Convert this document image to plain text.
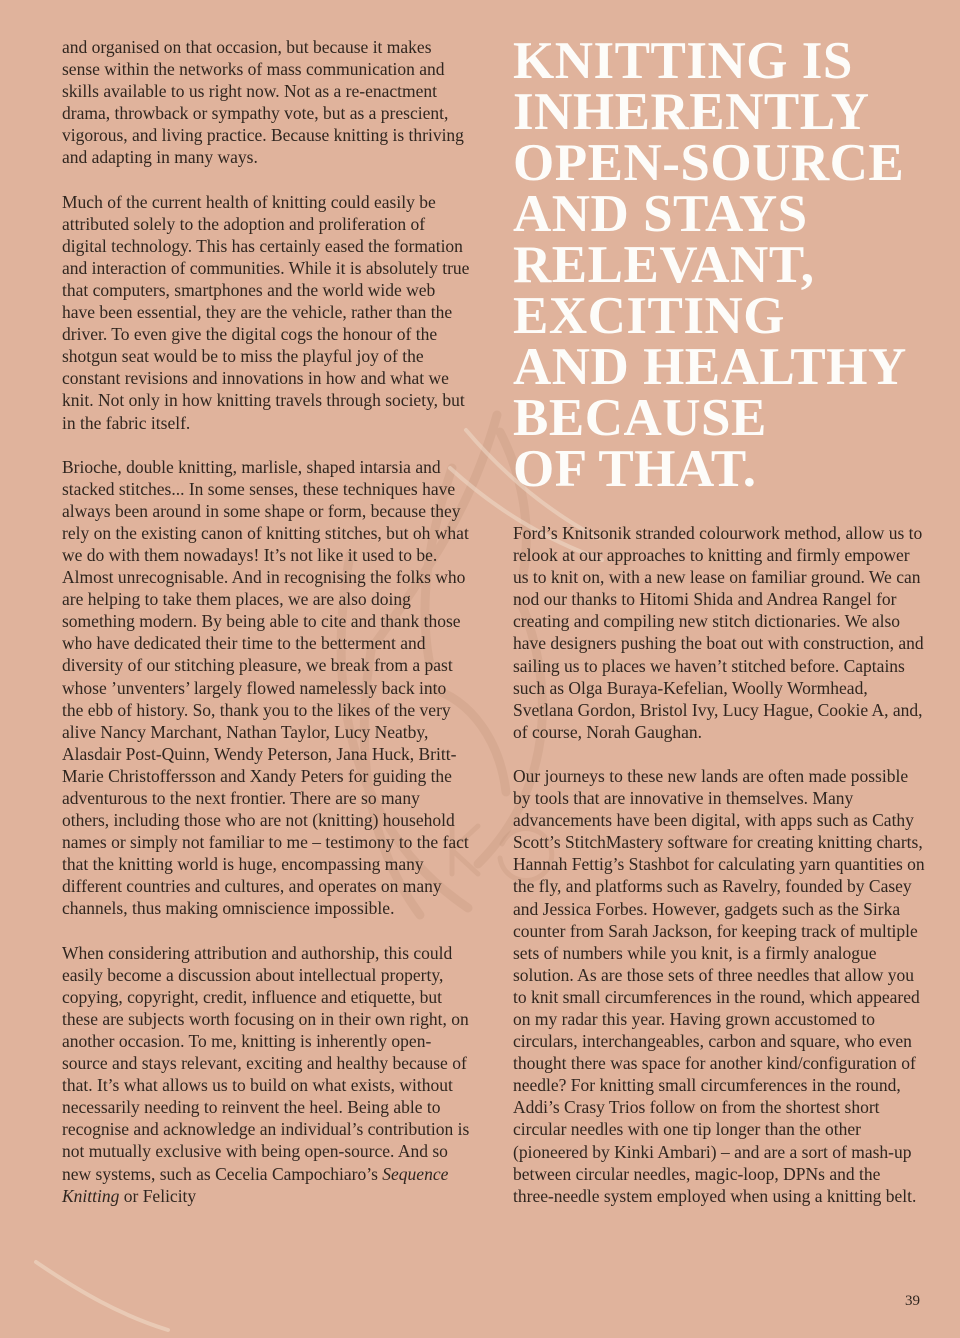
and organised on that occasion, but because it makes sense within the networks of mass communication and skills available to us right now. Not as a re-enactment drama, throwback or sympathy vote, but as a prescient, vigorous, and living practice. Because knitting is thriving and adapting in many ways.

Much of the current health of knitting could easily be attributed solely to the adoption and proliferation of digital technology. This has certainly eased the formation and interaction of communities. While it is absolutely true that computers, smartphones and the world wide web have been essential, they are the vehicle, rather than the driver. To even give the digital cogs the honour of the shotgun seat would be to miss the playful joy of the constant revisions and innovations in how and what we knit. Not only in how knitting travels through society, but in the fabric itself.

Brioche, double knitting, marlisle, shaped intarsia and stacked stitches... In some senses, these techniques have always been around in some shape or form, because they rely on the existing canon of knitting stitches, but oh what we do with them nowadays! It’s not like it used to be. Almost unrecognisable. And in recognising the folks who are helping to take them places, we are also doing something modern. By being able to cite and thank those who have dedicated their time to the betterment and diversity of our stitching pleasure, we break from a past whose ’unventers’ largely flowed namelessly back into the ebb of history. So, thank you to the likes of the very alive Nancy Marchant, Nathan Taylor, Lucy Neatby, Alasdair Post-Quinn, Wendy Peterson, Jana Huck, Britt-Marie Christoffersson and Xandy Peters for guiding the adventurous to the next frontier. There are so many others, including those who are not (knitting) household names or simply not familiar to me – testimony to the fact that the knitting world is huge, encompassing many different countries and cultures, and operates on many channels, thus making omniscience impossible.

When considering attribution and authorship, this could easily become a discussion about intellectual property, copying, copyright, credit, influence and etiquette, but these are subjects worth focusing on in their own right, on another occasion. To me, knitting is inherently open-source and stays relevant, exciting and healthy because of that. It’s what allows us to build on what exists, without necessarily needing to reinvent the heel. Being able to recognise and acknowledge an individual’s contribution is not mutually exclusive with being open-source. And so new systems, such as Cecelia Campochiaro’s Sequence Knitting or Felicity

KNITTING IS
INHERENTLY
OPEN-SOURCE
AND STAYS
RELEVANT,
EXCITING
AND HEALTHY
BECAUSE
OF THAT.

Ford’s Knitsonik stranded colourwork method, allow us to relook at our approaches to knitting and firmly empower us to knit on, with a new lease on familiar ground. We can nod our thanks to Hitomi Shida and Andrea Rangel for creating and compiling new stitch dictionaries. We also have designers pushing the boat out with construction, and sailing us to places we haven’t stitched before. Captains such as Olga Buraya-Kefelian, Woolly Wormhead, Svetlana Gordon, Bristol Ivy, Lucy Hague, Cookie A, and, of course, Norah Gaughan.

Our journeys to these new lands are often made possible by tools that are innovative in themselves. Many advancements have been digital, with apps such as Cathy Scott’s StitchMastery software for creating knitting charts, Hannah Fettig’s Stashbot for calculating yarn quantities on the fly, and platforms such as Ravelry, founded by Casey and Jessica Forbes. However, gadgets such as the Sirka counter from Sarah Jackson, for keeping track of multiple sets of numbers while you knit, is a firmly analogue solution. As are those sets of three needles that allow you to knit small circumferences in the round, which appeared on my radar this year. Having grown accustomed to circulars, interchangeables, carbon and square, who even thought there was space for another kind/configuration of needle? For knitting small circumferences in the round, Addi’s Crasy Trios follow on from the shortest short circular needles with one tip longer than the other (pioneered by Kinki Ambari) – and are a sort of mash-up between circular needles, magic-loop, DPNs and the three-needle system employed when using a knitting belt.

39
